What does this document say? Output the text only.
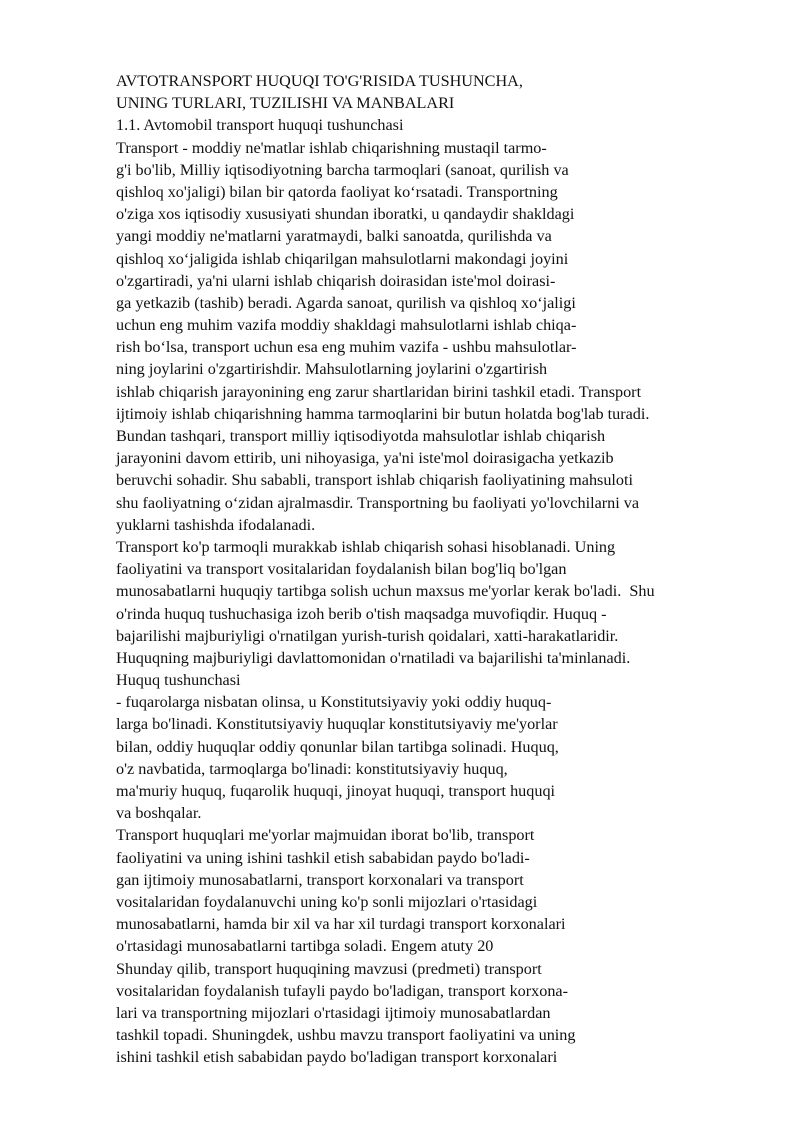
AVTOTRANSPORT HUQUQI TO'G'RISIDA TUSHUNCHA,
UNING TURLARI, TUZILISHI VA MANBALARI
1.1. Avtomobil transport huquqi tushunchasi
Transport - moddiy ne'matlar ishlab chiqarishning mustaqil tarmo-
g'i bo'lib, Milliy iqtisodiyotning barcha tarmoqlari (sanoat, qurilish va
qishloq xo'jaligi) bilan bir qatorda faoliyat ko‘rsatadi. Transportning
o'ziga xos iqtisodiy xususiyati shundan iboratki, u qandaydir shakldagi
yangi moddiy ne'matlarni yaratmaydi, balki sanoatda, qurilishda va
qishloq xo‘jaligida ishlab chiqarilgan mahsulotlarni makondagi joyini
o'zgartiradi, ya'ni ularni ishlab chiqarish doirasidan iste'mol doirasi-
ga yetkazib (tashib) beradi. Agarda sanoat, qurilish va qishloq xo‘jaligi
uchun eng muhim vazifa moddiy shakldagi mahsulotlarni ishlab chiqa-
rish bo‘lsa, transport uchun esa eng muhim vazifa - ushbu mahsulotlar-
ning joylarini o'zgartirishdir. Mahsulotlarning joylarini o'zgartirish
ishlab chiqarish jarayonining eng zarur shartlaridan birini tashkil etadi. Transport
ijtimoiy ishlab chiqarishning hamma tarmoqlarini bir butun holatda bog'lab turadi.
Bundan tashqari, transport milliy iqtisodiyotda mahsulotlar ishlab chiqarish
jarayonini davom ettirib, uni nihoyasiga, ya'ni iste'mol doirasigacha yetkazib
beruvchi sohadir. Shu sababli, transport ishlab chiqarish faoliyatining mahsuloti
shu faoliyatning o‘zidan ajralmasdir. Transportning bu faoliyati yo'lovchilarni va
yuklarni tashishda ifodalanadi.
Transport ko'p tarmoqli murakkab ishlab chiqarish sohasi hisoblanadi. Uning
faoliyatini va transport vositalaridan foydalanish bilan bog'liq bo'lgan
munosabatlarni huquqiy tartibga solish uchun maxsus me'yorlar kerak bo'ladi.  Shu
o'rinda huquq tushuchasiga izoh berib o'tish maqsadga muvofiqdir. Huquq -
bajarilishi majburiyligi o'rnatilgan yurish-turish qoidalari, xatti-harakatlaridir.
Huquqning majburiyligi davlattomonidan o'rnatiladi va bajarilishi ta'minlanadi.
Huquq tushunchasi
- fuqarolarga nisbatan olinsa, u Konstitutsiyaviy yoki oddiy huquq-
larga bo'linadi. Konstitutsiyaviy huquqlar konstitutsiyaviy me'yorlar
bilan, oddiy huquqlar oddiy qonunlar bilan tartibga solinadi. Huquq,
o'z navbatida, tarmoqlarga bo'linadi: konstitutsiyaviy huquq,
ma'muriy huquq, fuqarolik huquqi, jinoyat huquqi, transport huquqi
va boshqalar.
Transport huquqlari me'yorlar majmuidan iborat bo'lib, transport
faoliyatini va uning ishini tashkil etish sababidan paydo bo'ladi-
gan ijtimoiy munosabatlarni, transport korxonalari va transport
vositalaridan foydalanuvchi uning ko'p sonli mijozlari o'rtasidagi
munosabatlarni, hamda bir xil va har xil turdagi transport korxonalari
o'rtasidagi munosabatlarni tartibga soladi. Engem atuty 20
Shunday qilib, transport huquqining mavzusi (predmeti) transport
vositalaridan foydalanish tufayli paydo bo'ladigan, transport korxona-
lari va transportning mijozlari o'rtasidagi ijtimoiy munosabatlardan
tashkil topadi. Shuningdek, ushbu mavzu transport faoliyatini va uning
ishini tashkil etish sababidan paydo bo'ladigan transport korxonalari
